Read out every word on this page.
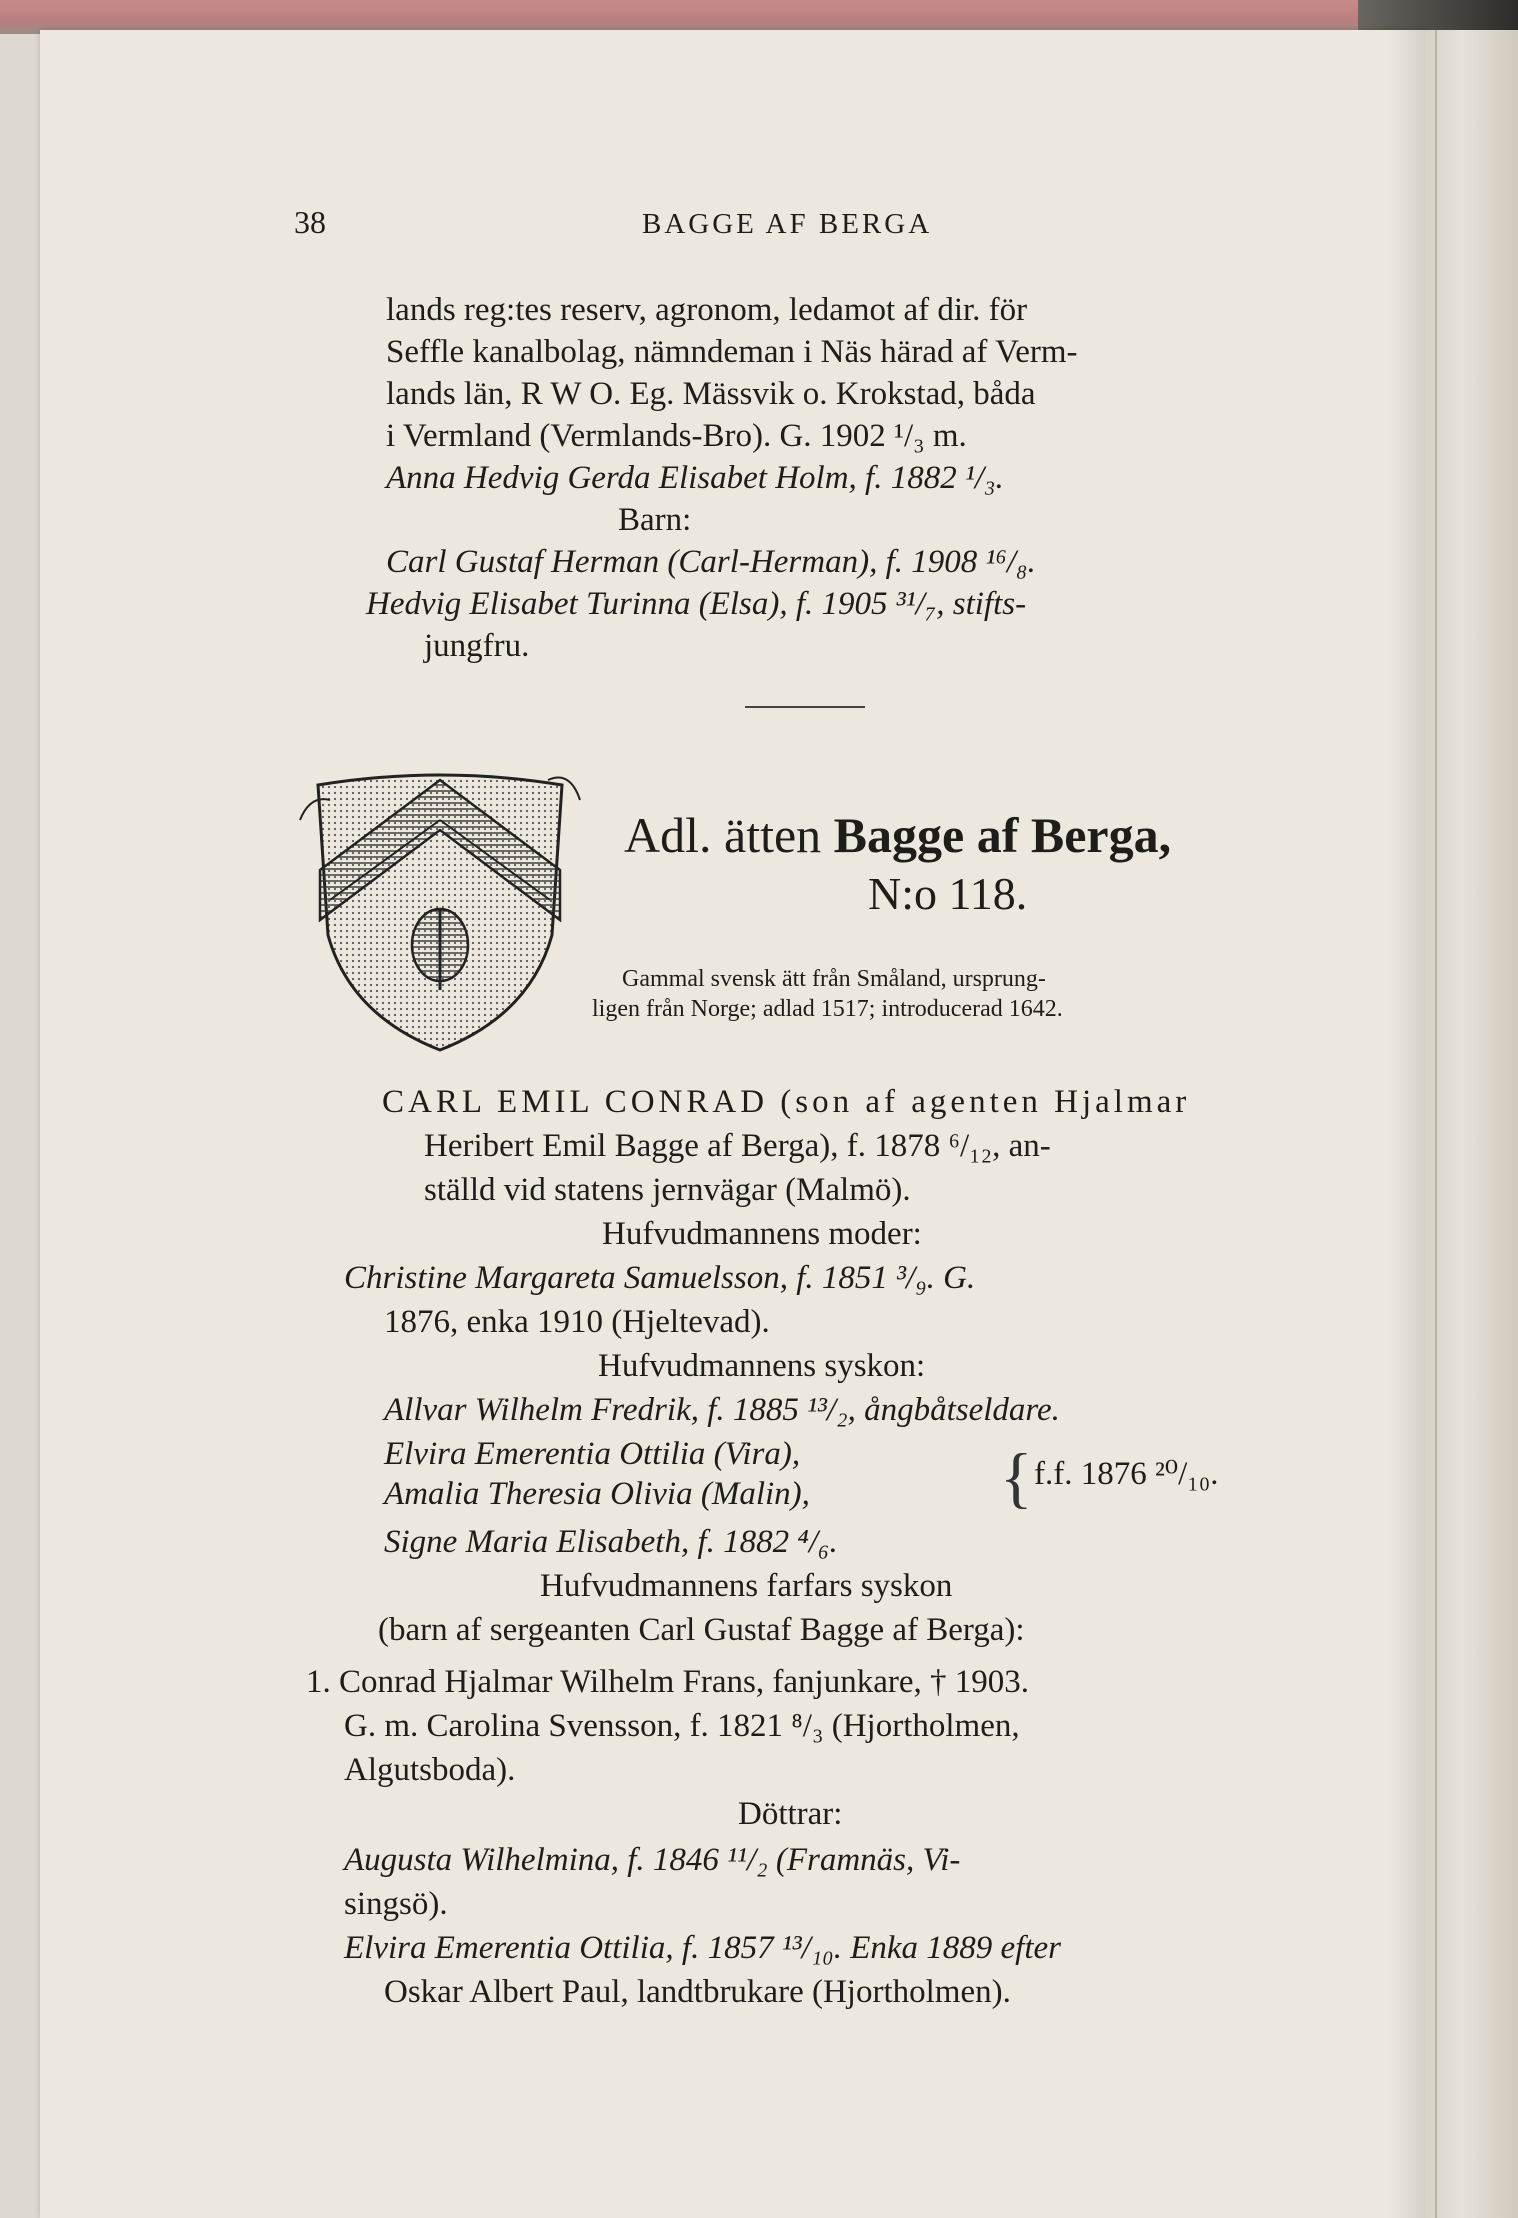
38	BAGGE AF BERGA
lands reg:tes reserv, agronom, ledamot af dir. för
Seffle kanalbolag, nämndeman i Näs härad af Verm-
lands län, R W O. Eg. Mässvik o. Krokstad, båda
i Vermland (Vermlands-Bro). G. 1902 ¹/₃ m.
Anna Hedvig Gerda Elisabet Holm, f. 1882 ¹/₃.
Barn:
Carl Gustaf Herman (Carl-Herman), f. 1908 ¹⁶/₈.
Hedvig Elisabet Turinna (Elsa), f. 1905 ³¹/₇, stifts-
jungfru.
Adl. ätten Bagge af Berga,
N:o 118.
Gammal svensk ätt från Småland, ursprung-
ligen från Norge; adlad 1517; introducerad 1642.
CARL EMIL CONRAD (son af agenten Hjalmar
Heribert Emil Bagge af Berga), f. 1878 ⁶/₁₂, an-
ställd vid statens jernvägar (Malmö).
Hufvudmannens moder:
Christine Margareta Samuelsson, f. 1851 ³/₉. G.
1876, enka 1910 (Hjeltevad).
Hufvudmannens syskon:
Allvar Wilhelm Fredrik, f. 1885 ¹³/₂, ångbåtseldare.
Elvira Emerentia Ottilia (Vira),
Amalia Theresia Olivia (Malin),	{ f.f. 1876 ²⁰/₁₀.
Signe Maria Elisabeth, f. 1882 ⁴/₆.
Hufvudmannens farfars syskon
(barn af sergeanten Carl Gustaf Bagge af Berga):
1. Conrad Hjalmar Wilhelm Frans, fanjunkare, † 1903.
G. m. Carolina Svensson, f. 1821 ⁸/₃ (Hjortholmen,
Algutsboda).
Döttrar:
Augusta Wilhelmina, f. 1846 ¹¹/₂ (Framnäs, Vi-
singsö).
Elvira Emerentia Ottilia, f. 1857 ¹³/₁₀. Enka 1889 efter
Oskar Albert Paul, landtbrukare (Hjortholmen).
